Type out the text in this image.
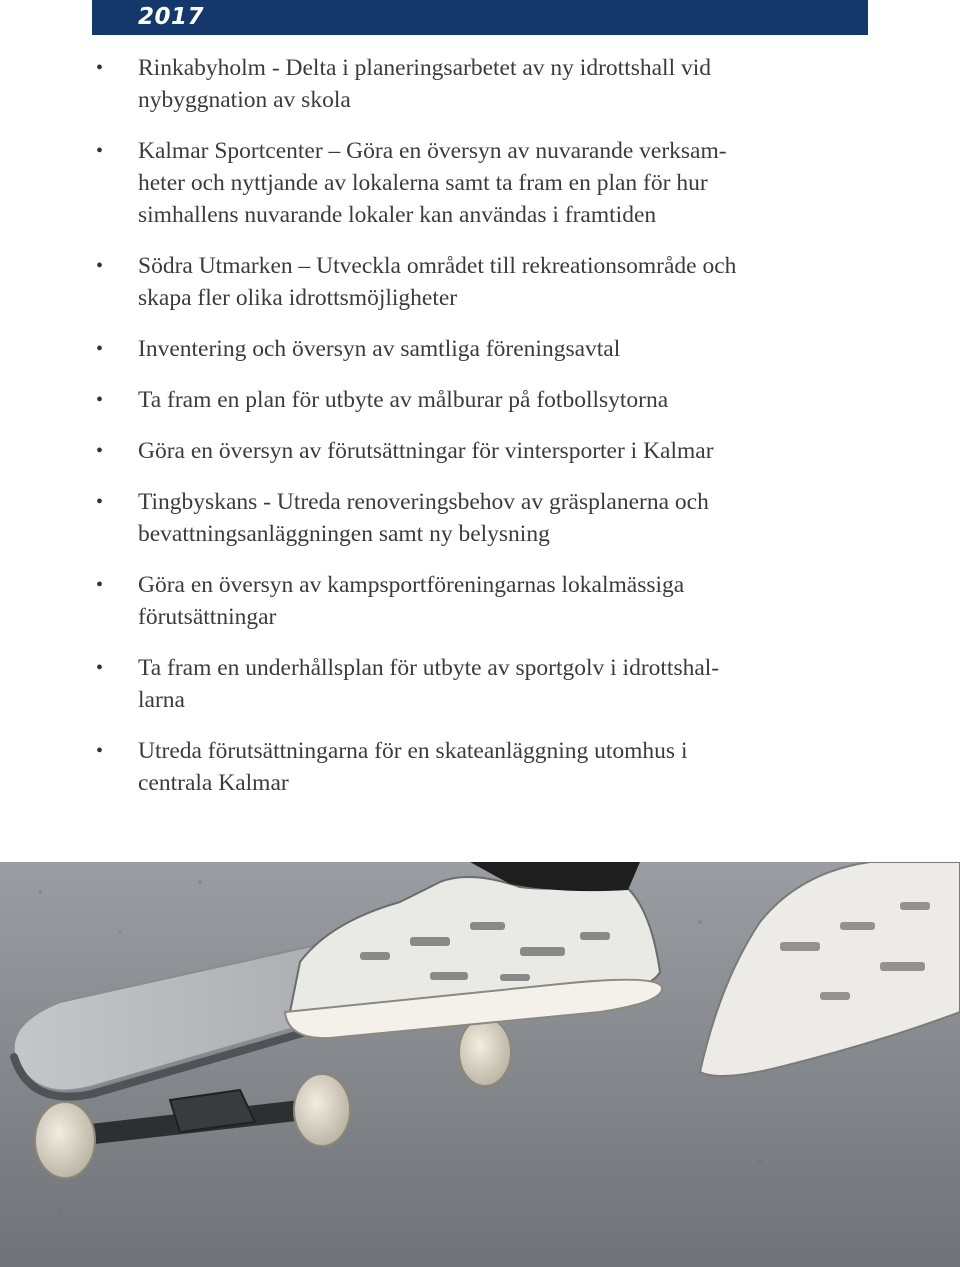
2017
• Rinkabyholm - Delta i planeringsarbetet av ny idrottshall vid
nybyggnation av skola
• Kalmar Sportcenter – Göra en översyn av nuvarande verksam-
heter och nyttjande av lokalerna samt ta fram en plan för hur
simhallens nuvarande lokaler kan användas i framtiden
• Södra Utmarken – Utveckla området till rekreationsområde och
skapa fler olika idrottsmöjligheter
• Inventering och översyn av samtliga föreningsavtal
• Ta fram en plan för utbyte av målburar på fotbollsytorna
• Göra en översyn av förutsättningar för vintersporter i Kalmar
• Tingbyskans - Utreda renoveringsbehov av gräsplanerna och
bevattningsanläggningen samt ny belysning
• Göra en översyn av kampsportföreningarnas lokalmässiga
förutsättningar
• Ta fram en underhållsplan för utbyte av sportgolv i idrottshal-
larna
• Utreda förutsättningarna för en skateanläggning utomhus i
centrala Kalmar
